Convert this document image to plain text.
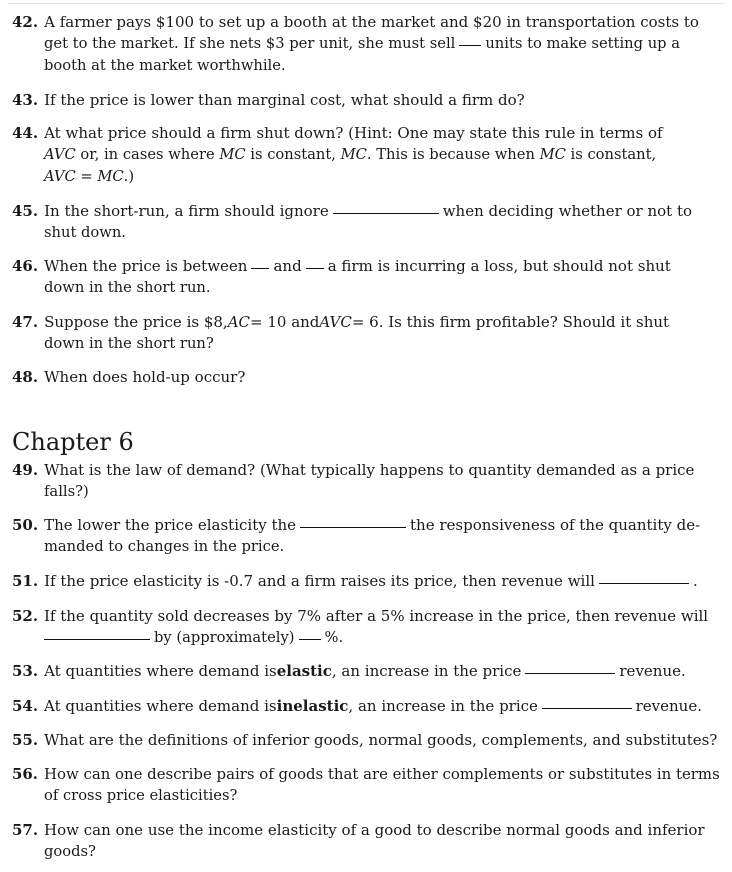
42. A farmer pays $100 to set up a booth at the market and $20 in transportation costs to
get to the market. If she nets $3 per unit, she must sell units to make setting up a
booth at the market worthwhile.
43. If the price is lower than marginal cost, what should a firm do?
44. At what price should a firm shut down? (Hint: One may state this rule in terms of
AVC or, in cases where MC is constant, MC. This is because when MC is constant,
AVC = MC.)
45. In the short-run, a firm should ignore	when deciding whether or not to
shut down.
46. When the price is between and a firm is incurring a loss, but should not shut
down in the short run.
47. Suppose the price is $8, AC = 10 and AVC = 6. Is this firm profitable? Should it shut
down in the short run?
48. When does hold-up occur?
Chapter 6
49. What is the law of demand? (What typically happens to quantity demanded as a price
falls?)
50. The lower the price elasticity the	the responsiveness of the quantity de-
manded to changes in the price.
51. If the price elasticity is -0.7 and a firm raises its price, then revenue will	.
52. If the quantity sold decreases by 7% after a 5% increase in the price, then revenue will
by (approximately) %.
53. At quantities where demand is elastic , an increase in the price	revenue.
54. At quantities where demand is inelastic , an increase in the price	revenue.
55. What are the definitions of inferior goods, normal goods, complements, and substitutes?
56. How can one describe pairs of goods that are either complements or substitutes in terms
of cross price elasticities?
57. How can one use the income elasticity of a good to describe normal goods and inferior
goods?
